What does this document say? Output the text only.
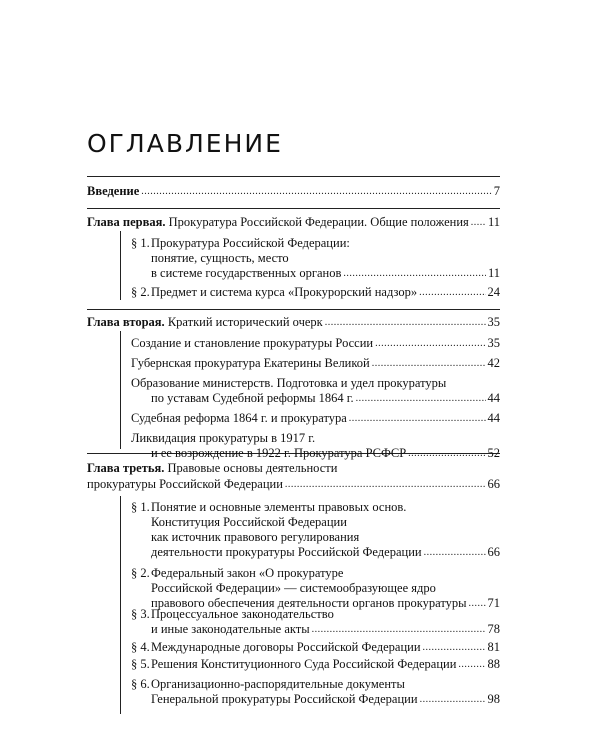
ОГЛАВЛЕНИЕ
Введение .....	7
Глава первая. Прокуратура Российской Федерации. Общие положения ..... 11
§ 1. Прокуратура Российской Федерации:
понятие, сущность, место
в системе государственных органов .....	11
§ 2. Предмет и система курса «Прокурорский надзор» .....	24
Глава вторая. Краткий исторический очерк .....	35
Создание и становление прокуратуры России .....	35
Губернская прокуратура Екатерины Великой .....	42
Образование министерств. Подготовка и удел прокуратуры
по уставам Судебной реформы 1864 г. .....	44
Судебная реформа 1864 г. и прокуратура .....	44
Ликвидация прокуратуры в 1917 г.
и ее возрождение в 1922 г. Прокуратура РСФСР .....	52
Глава третья. Правовые основы деятельности
прокуратуры Российской Федерации .....	66
§ 1. Понятие и основные элементы правовых основ.
Конституция Российской Федерации
как источник правового регулирования
деятельности прокуратуры Российской Федерации .....	66
§ 2. Федеральный закон «О прокуратуре
Российской Федерации» — системообразующее ядро
правового обеспечения деятельности органов прокуратуры ..... 71
§ 3. Процессуальное законодательство
и иные законодательные акты .....	78
§ 4. Международные договоры Российской Федерации .....	81
§ 5. Решения Конституционного Суда Российской Федерации ..... 88
§ 6. Организационно-распорядительные документы
Генеральной прокуратуры Российской Федерации .....	98
